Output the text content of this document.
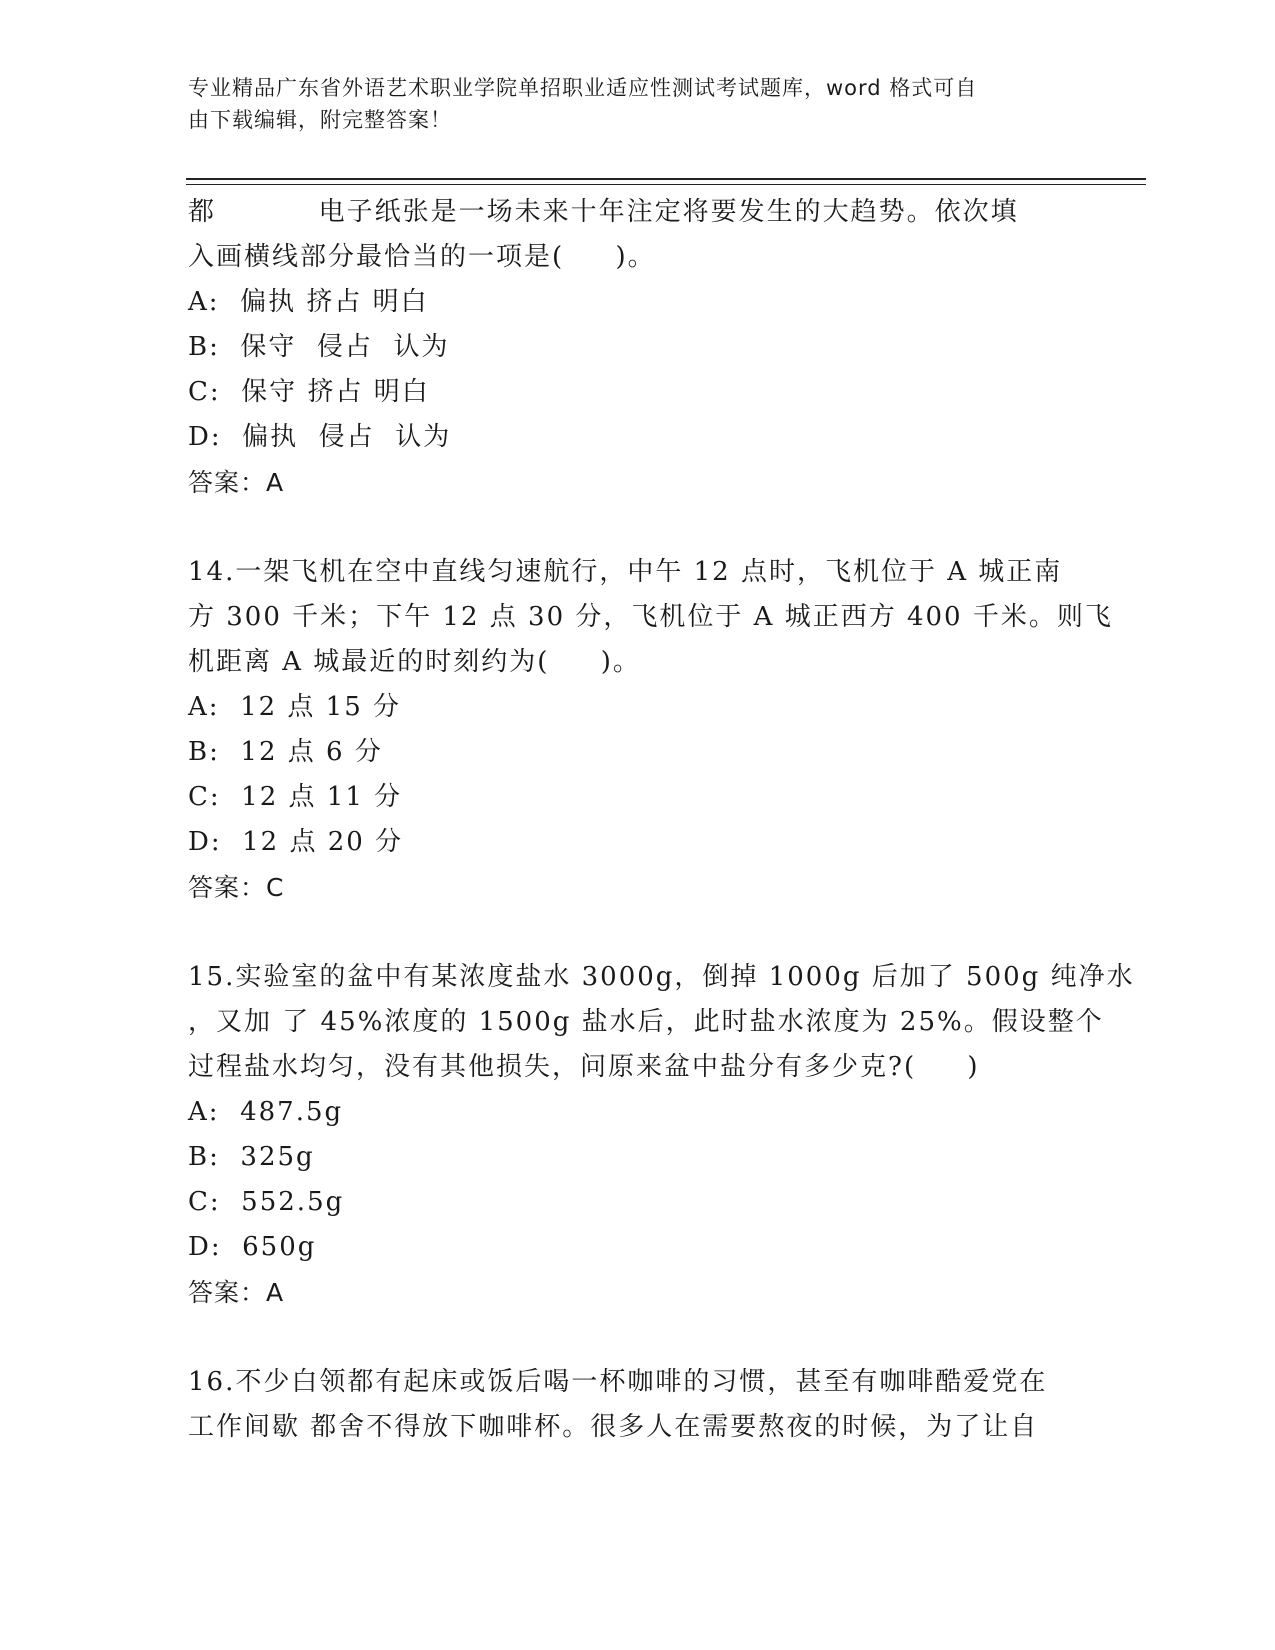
专业精品广东省外语艺术职业学院单招职业适应性测试考试题库，word 格式可自
由下载编辑，附完整答案！
都          电子纸张是一场未来十年注定将要发生的大趋势。依次填
入画横线部分最恰当的一项是(     )。
A:  偏执 挤占 明白
B:  保守  侵占  认为
C:  保守 挤占 明白
D:  偏执  侵占  认为
答案：A
14.一架飞机在空中直线匀速航行，中午 12 点时，飞机位于 A 城正南
方 300 千米；下午 12 点 30 分，飞机位于 A 城正西方 400 千米。则飞
机距离 A 城最近的时刻约为(     )。
A:  12 点 15 分
B:  12 点 6 分
C:  12 点 11 分
D:  12 点 20 分
答案：C
15.实验室的盆中有某浓度盐水 3000g，倒掉 1000g 后加了 500g 纯净水
，又加 了 45%浓度的 1500g 盐水后，此时盐水浓度为 25%。假设整个
过程盐水均匀，没有其他损失，问原来盆中盐分有多少克?(     )
A:  487.5g
B:  325g
C:  552.5g
D:  650g
答案：A
16.不少白领都有起床或饭后喝一杯咖啡的习惯，甚至有咖啡酷爱党在
工作间歇 都舍不得放下咖啡杯。很多人在需要熬夜的时候，为了让自
